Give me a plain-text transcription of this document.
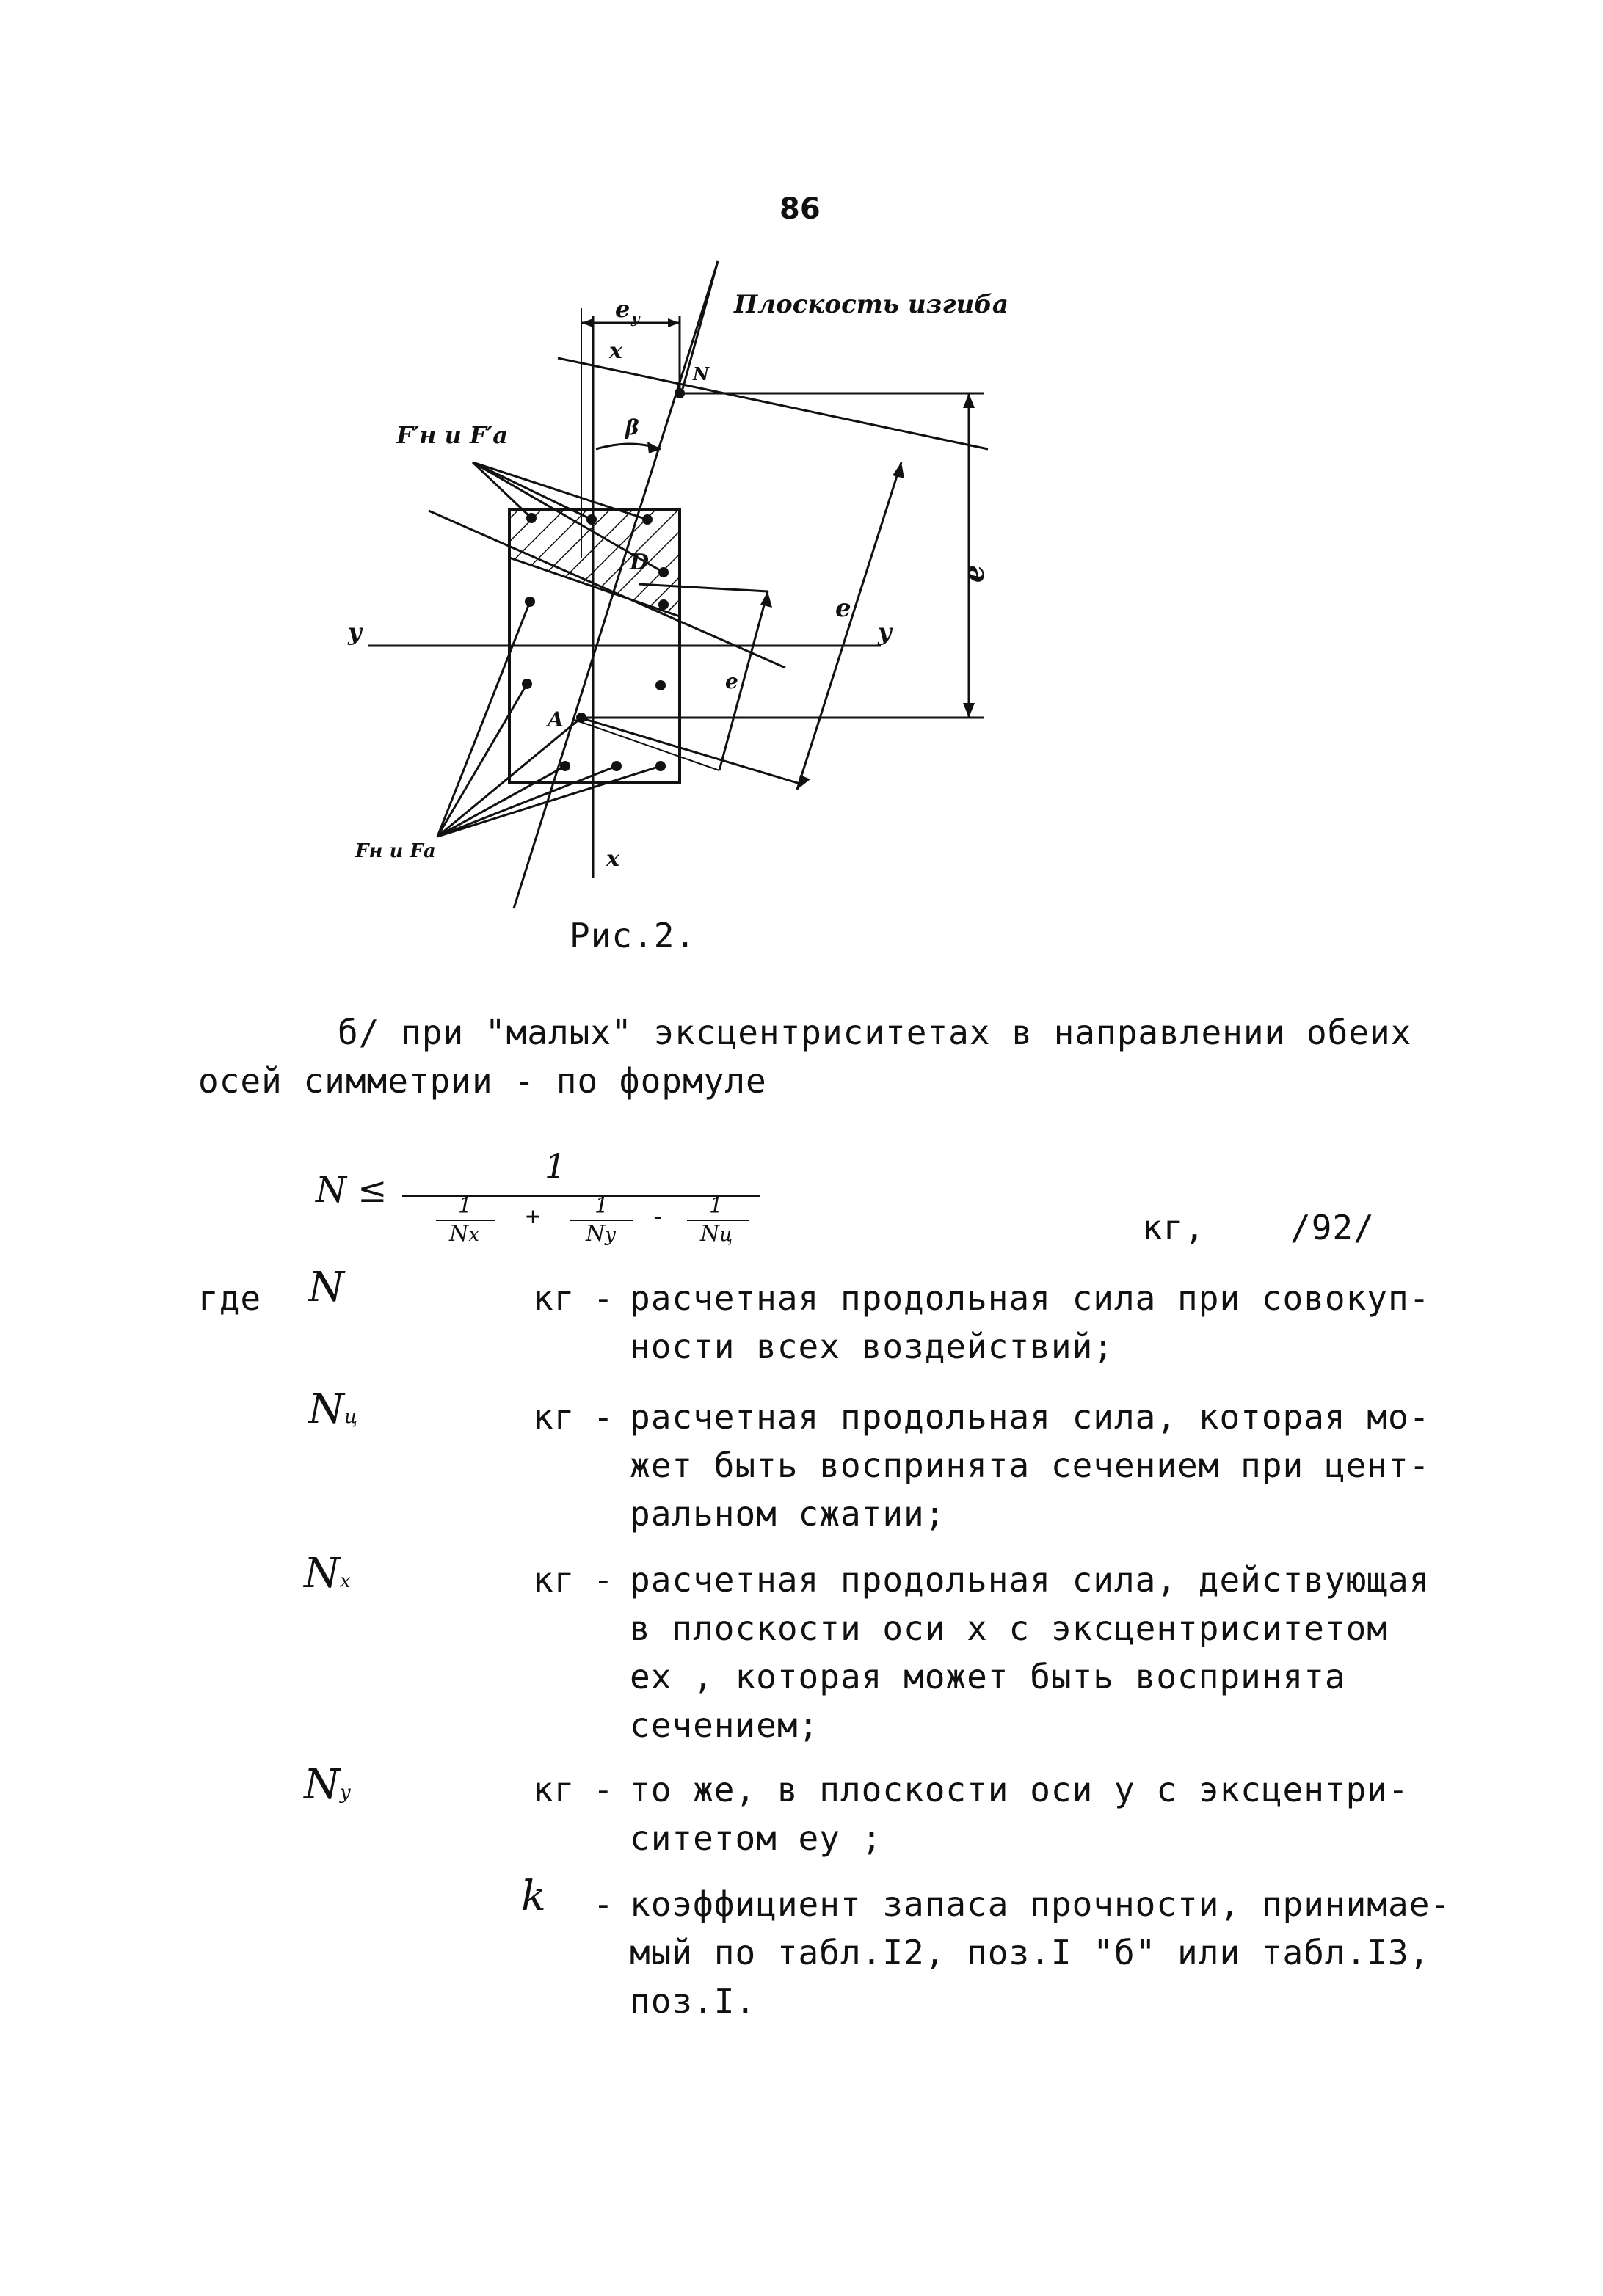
86
Плоскость изгиба
e y
x
x
y	y
N
A
β
D
e
e
e
F′н и F′а
Fн и Fа
Рис.2.
б/ при "малых" эксцентриситетах в направлении обеих
осей симметрии - по формуле
N ≤
1
1
Nx
+ 1
Ny
- 1
Nц	кг,	/92/
где N	кг - расчетная продольная сила при совокуп-
ности всех воздействий;
Nц	кг - расчетная продольная сила, которая мо-
жет быть воспринята сечением при цент-
ральном сжатии;
Nx	кг - расчетная продольная сила, действующая
в плоскости оси х с эксцентриситетом
eх , которая может быть воспринята
сечением;
Ny	кг - то же, в плоскости оси y с эксцентри-
ситетом eу ;
k - коэффициент запаса прочности, принимае-
мый по табл.I2, поз.I "б" или табл.I3,
поз.I.
